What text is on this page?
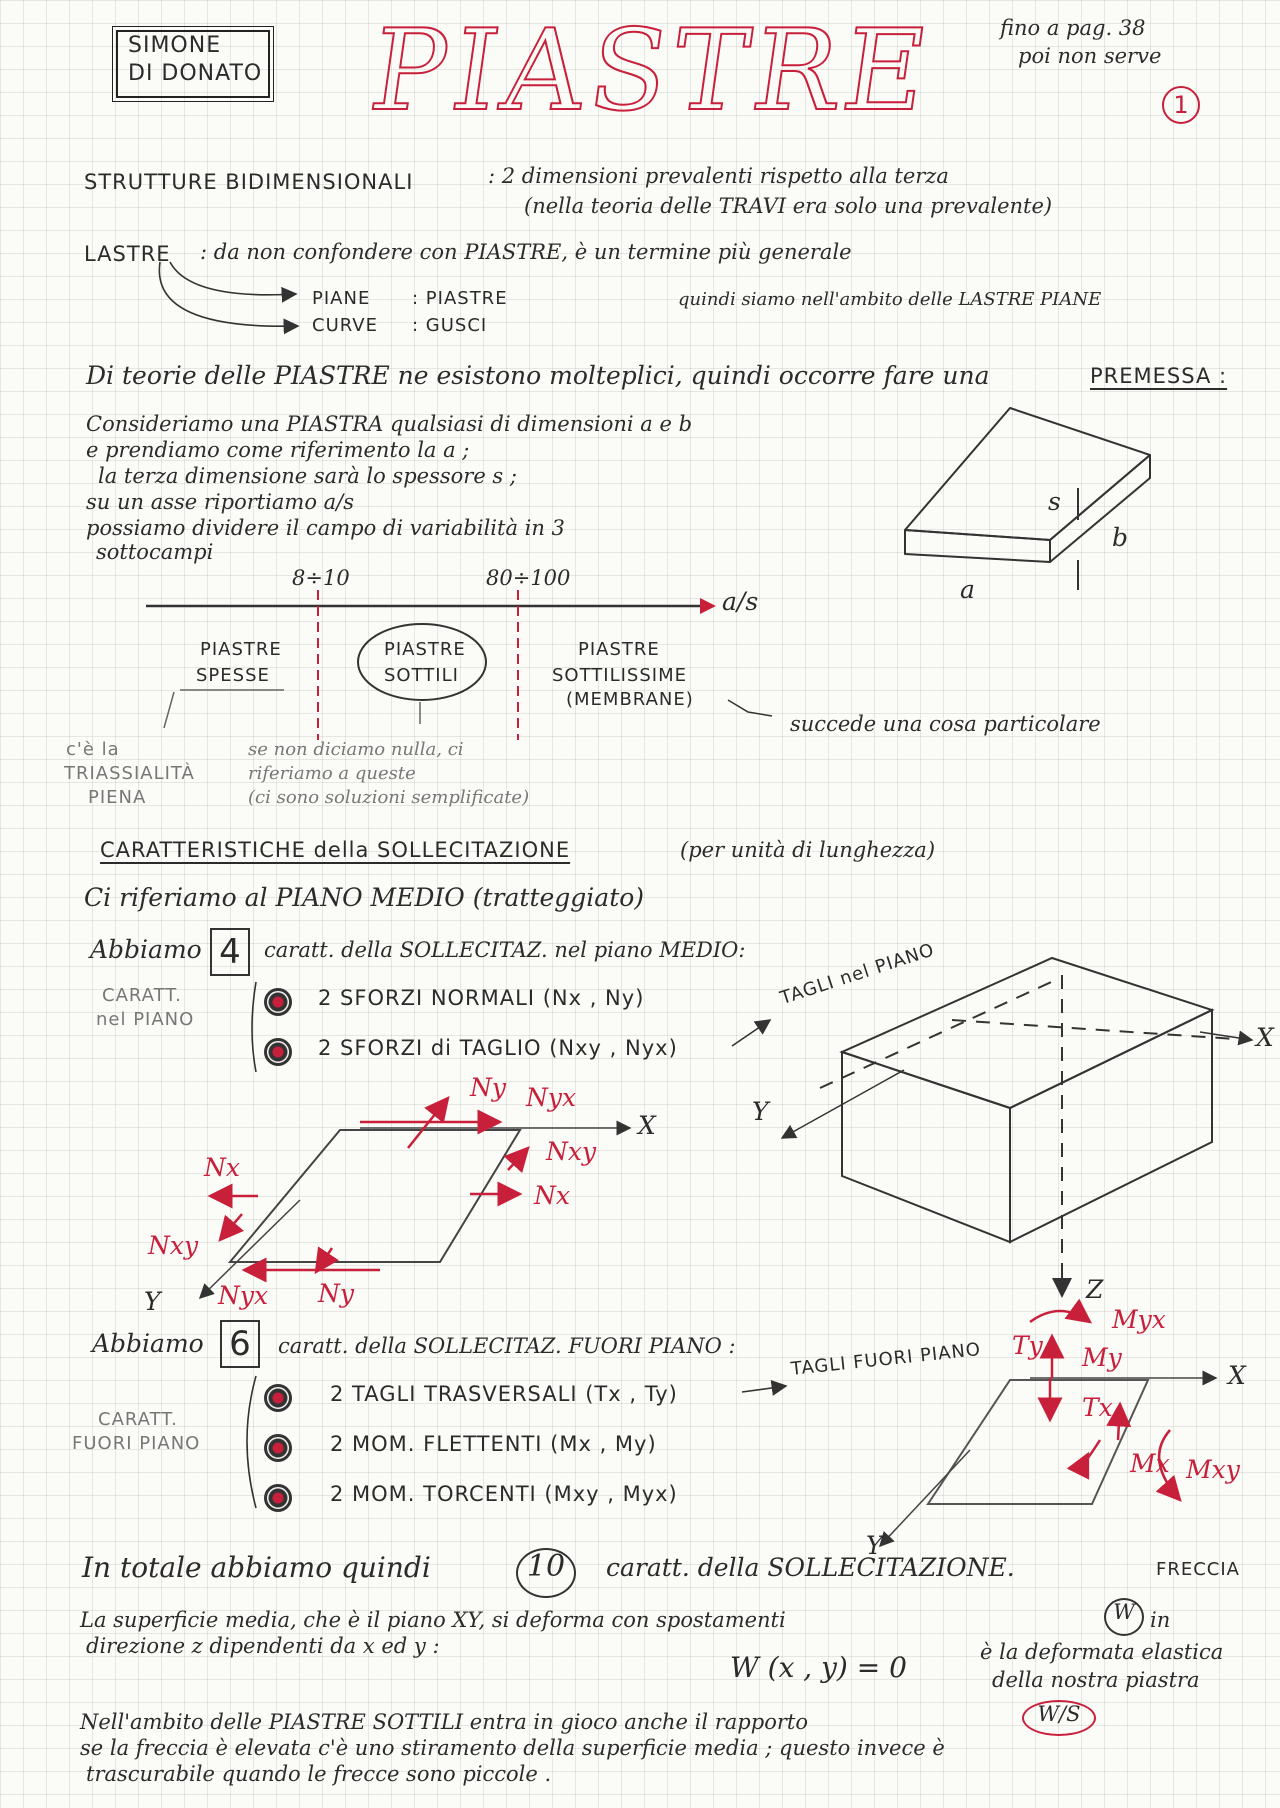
SIMONE
DI DONATO PIASTRE	fino a pag. 38
poi non serve
1
STRUTTURE BIDIMENSIONALI	: 2 dimensioni prevalenti rispetto alla terza
(nella teoria delle TRAVI era solo una prevalente)
LASTRE : da non confondere con PIASTRE, è un termine più generale
PIANE : PIASTRE
CURVE : GUSCI
quindi siamo nell'ambito delle LASTRE PIANE
Di teorie delle PIASTRE ne esistono molteplici, quindi occorre fare una	PREMESSA :
Consideriamo una PIASTRA qualsiasi di dimensioni a e b
e prendiamo come riferimento la a ;
la terza dimensione sarà lo spessore s ;
su un asse riportiamo a/s
possiamo dividere il campo di variabilità in 3
sottocampi
s
b
a
8÷10	80÷100
a/s
PIASTRE
SPESSE
PIASTRE
SOTTILI
PIASTRE
SOTTILISSIME
(MEMBRANE)
succede una cosa particolare
c'è la
TRIASSIALITÀ
PIENA
se non diciamo nulla, ci
riferiamo a queste
(ci sono soluzioni semplificate)
CARATTERISTICHE della SOLLECITAZIONE	(per unità di lunghezza)
Ci riferiamo al PIANO MEDIO (tratteggiato)
Abbiamo 4	caratt. della SOLLECITAZ. nel piano MEDIO:
CARATT.
nel PIANO
2 SFORZI NORMALI (Nx , Ny)
2 SFORZI di TAGLIO (Nxy , Nyx)
TAGLI nel PIANO
Ny Nyx
Nxy
Nx
Nx
Nxy
Nyx Ny
X
Y
X
Y
Z
Abbiamo 6	caratt. della SOLLECITAZ. FUORI PIANO :
CARATT.
FUORI PIANO
2 TAGLI TRASVERSALI (Tx , Ty)
TAGLI FUORI PIANO
2 MOM. FLETTENTI (Mx , My)
2 MOM. TORCENTI (Mxy , Myx)
Ty
Myx
My
Tx
Mx Mxy
X
Y
In totale abbiamo quindi	10	caratt. della SOLLECITAZIONE.	FRECCIA
La superficie media, che è il piano XY, si deforma con spostamenti	W in
direzione z dipendenti da x ed y :
W (x , y) = 0	è la deformata elastica
della nostra piastra
Nell'ambito delle PIASTRE SOTTILI entra in gioco anche il rapporto	W/S
se la freccia è elevata c'è uno stiramento della superficie media ; questo invece è
trascurabile quando le frecce sono piccole .
